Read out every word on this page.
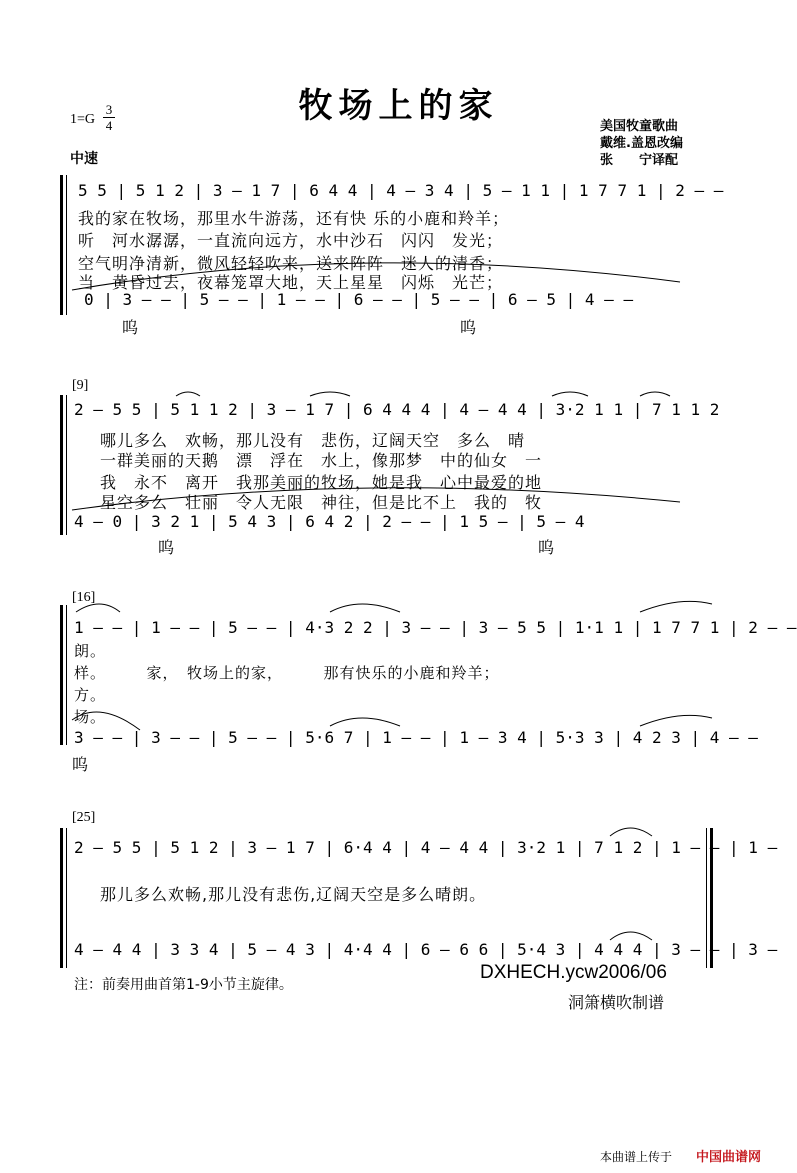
牧场上的家
1=G
3
4
中速
美国牧童歌曲
戴维.盖恩改编
张　　宁译配
5 5 | 5 1 2 | 3 – 1 7 | 6 4 4 | 4 – 3 4 | 5 – 1 1 | 1 7 7 1 | 2 – –
我的家在牧场，那里水牛游荡，还有快 乐的小鹿和羚羊；
听　河水潺潺，一直流向远方，水中沙石　闪闪　发光；
空气明净清新，微风轻轻吹来，送来阵阵　迷人的清香；
当　黄昏过去，夜幕笼罩大地，天上星星　闪烁　光芒；
0 | 3 – – | 5 – – | 1 – – | 6 – – | 5 – – | 6 – 5 | 4 – –
呜	呜
[9]
2 – 5 5 | 5 1 1 2 | 3 – 1 7 | 6 4 4 4 | 4 – 4 4 | 3·2 1 1 | 7 1 1 2
哪儿多么　欢畅，那儿没有　悲伤，辽阔天空　多么　晴
一群美丽的天鹅　漂　浮在　水上，像那梦　中的仙女　一
我　永不　离开　我那美丽的牧场，她是我　心中最爱的地
星空多么　壮丽　令人无限　神往，但是比不上　我的　牧
4 – 0 | 3 2 1 | 5 4 3 | 6 4 2 | 2 – – | 1 5 – | 5 – 4
呜	呜
[16]
1 – – | 1 – – | 5 – – | 4·3 2 2 | 3 – – | 3 – 5 5 | 1·1 1 | 1 7 7 1 | 2 – –
朗。
样。　　　家，　牧场上的家，　　　那有快乐的小鹿和羚羊；
方。
场。
3 – – | 3 – – | 5 – – | 5·6 7 | 1 – – | 1 – 3 4 | 5·3 3 | 4 2 3 | 4 – –
呜
[25]
2 – 5 5 | 5 1 2 | 3 – 1 7 | 6·4 4 | 4 – 4 4 | 3·2 1 | 7 1 2 | 1 – – | 1 –
那儿多么欢畅,那儿没有悲伤,辽阔天空是多么晴朗。
4 – 4 4 | 3 3 4 | 5 – 4 3 | 4·4 4 | 6 – 6 6 | 5·4 3 | 4 4 4 | 3 – – | 3 –
注：前奏用曲首第1-9小节主旋律。
DXHECH.ycw2006/06
洞箫横吹制谱
本曲谱上传于 中国曲谱网
